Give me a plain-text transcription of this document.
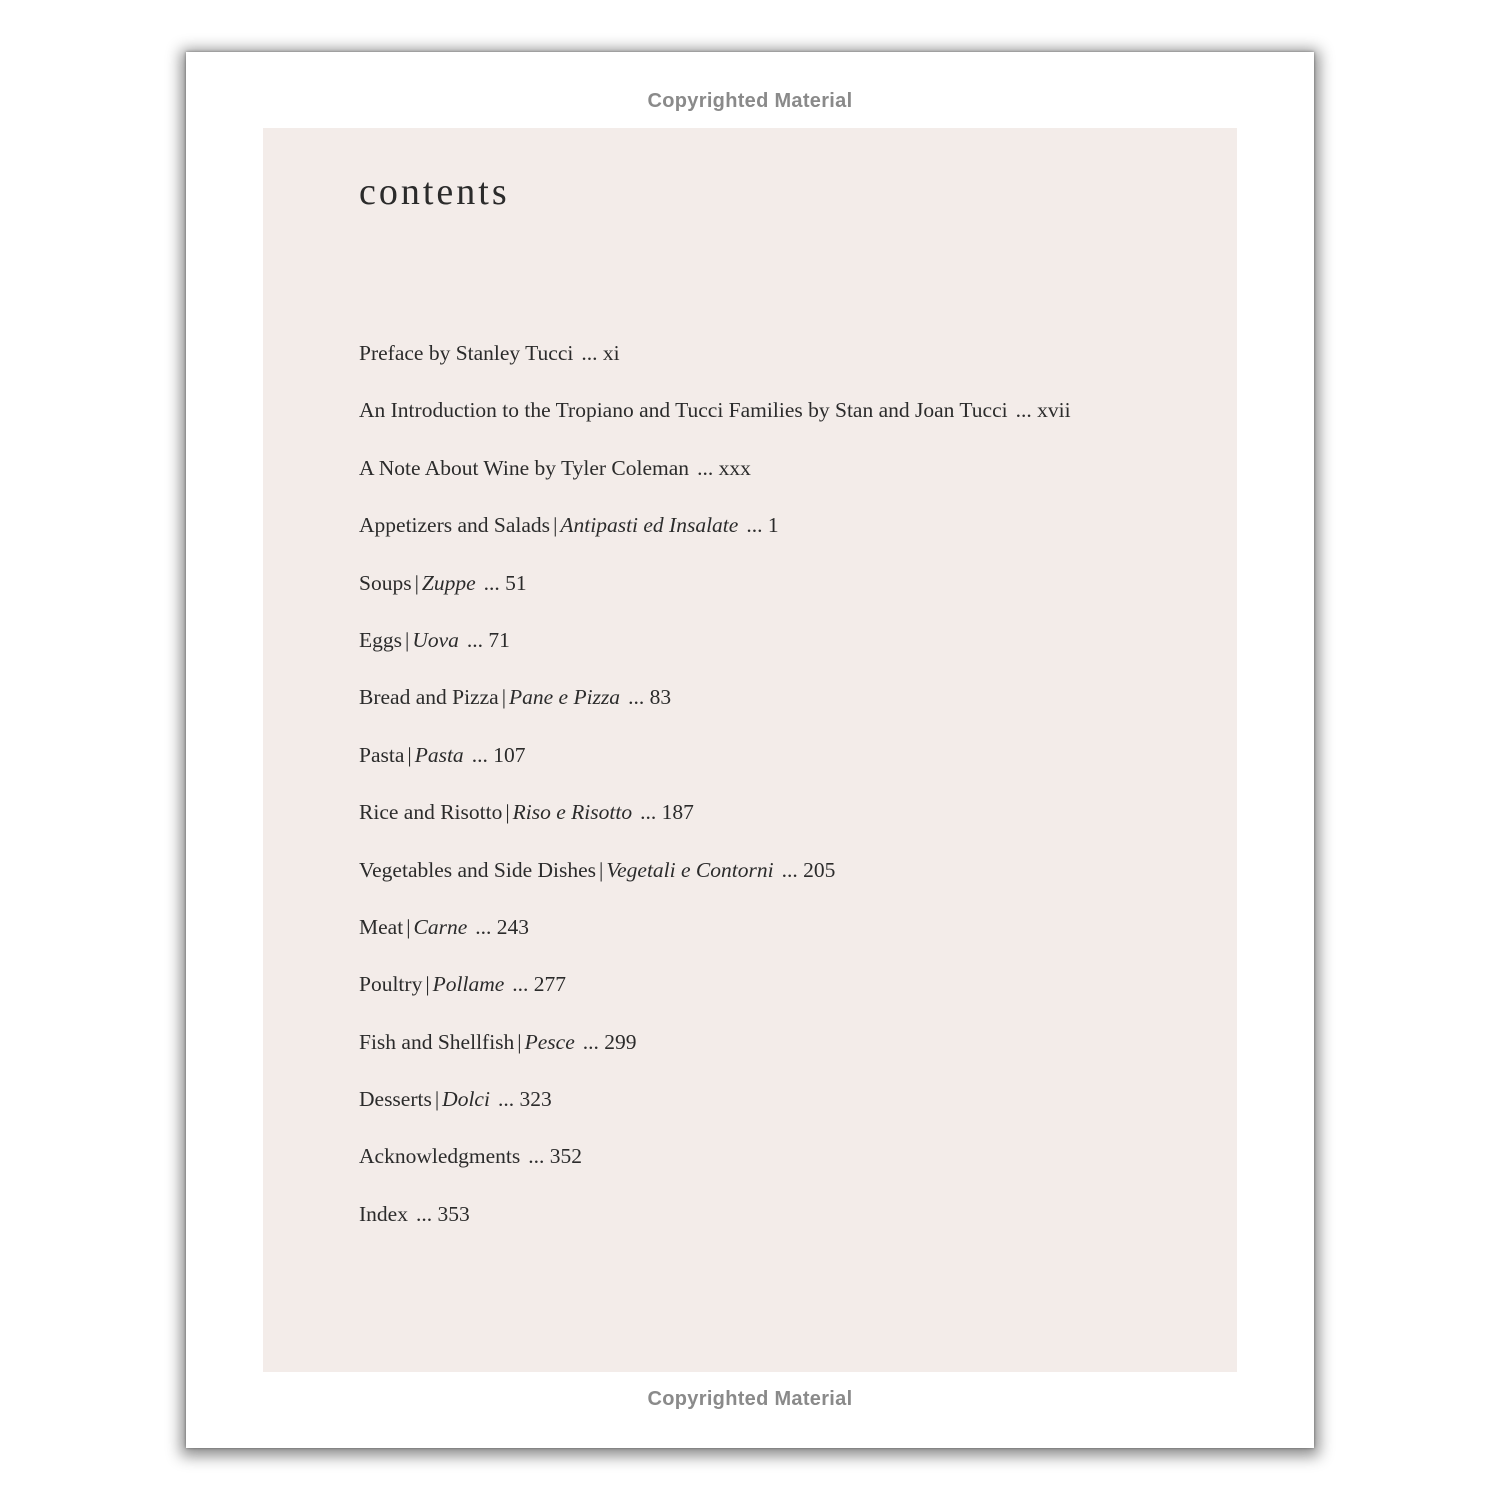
Copyrighted Material
contents
Preface by Stanley Tucci ... xi
An Introduction to the Tropiano and Tucci Families by Stan and Joan Tucci ... xvii
A Note About Wine by Tyler Coleman ... xxx
Appetizers and Salads | Antipasti ed Insalate ... 1
Soups | Zuppe ... 51
Eggs | Uova ... 71
Bread and Pizza | Pane e Pizza ... 83
Pasta | Pasta ... 107
Rice and Risotto | Riso e Risotto ... 187
Vegetables and Side Dishes | Vegetali e Contorni ... 205
Meat | Carne ... 243
Poultry | Pollame ... 277
Fish and Shellfish | Pesce ... 299
Desserts | Dolci ... 323
Acknowledgments ... 352
Index ... 353
Copyrighted Material
